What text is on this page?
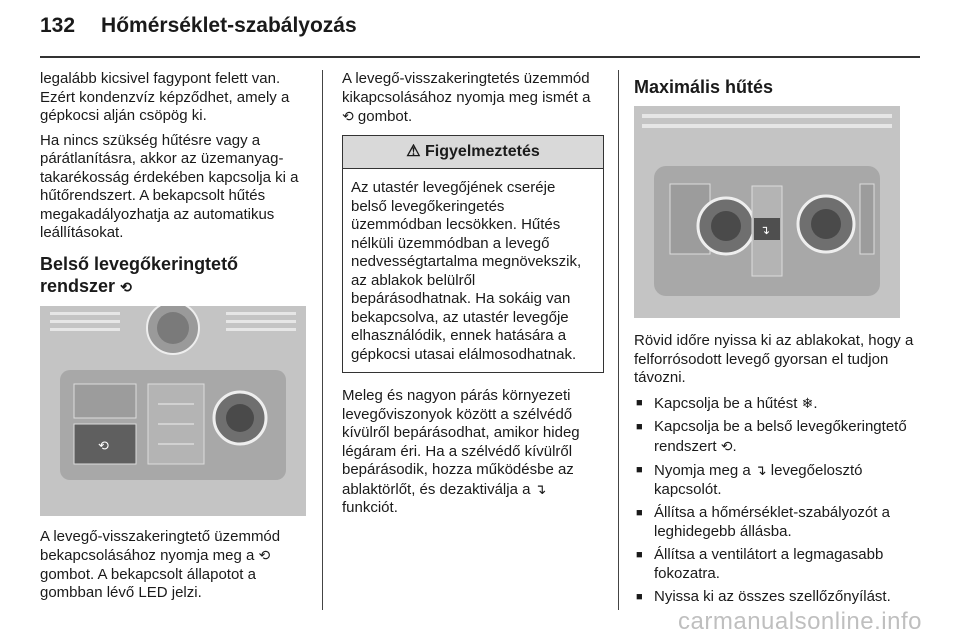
132 Hőmérséklet-szabályozás

legalább kicsivel fagypont felett van. Ezért kondenzvíz képződhet, amely a gépkocsi alján csöpög ki.

Ha nincs szükség hűtésre vagy a párátlanításra, akkor az üzemanyag-takarékosság érdekében kapcsolja ki a hűtőrendszert. A bekapcsolt hűtés megakadályozhatja az automatikus leállításokat.

Belső levegőkeringtető rendszer ⟲
⟲

A levegő-visszakeringtető üzemmód bekapcsolásához nyomja meg a ⟲ gombot. A bekapcsolt állapotot a gombban lévő LED jelzi.

A levegő-visszakeringtetés üzemmód kikapcsolásához nyomja meg ismét a ⟲ gombot.

⚠ Figyelmeztetés
Az utastér levegőjének cseréje belső levegőkeringetés üzemmódban lecsökken. Hűtés nélküli üzemmódban a levegő nedvességtartalma megnövekszik, az ablakok belülről bepárásodhatnak. Ha sokáig van bekapcsolva, az utastér levegője elhasználódik, ennek hatására a gépkocsi utasai elálmosodhatnak.

Meleg és nagyon párás környezeti levegőviszonyok között a szélvédő kívülről bepárásodhat, amikor hideg légáram éri. Ha a szélvédő kívülről bepárásodik, hozza működésbe az ablaktörlőt, és dezaktiválja a ↴ funkciót.

Maximális hűtés
↴

Rövid időre nyissa ki az ablakokat, hogy a felforrósodott levegő gyorsan el tudjon távozni.

■ Kapcsolja be a hűtést ❄.
■ Kapcsolja be a belső levegőkeringtető rendszert ⟲.
■ Nyomja meg a ↴ levegőelosztó kapcsolót.
■ Állítsa a hőmérséklet-szabályozót a leghidegebb állásba.
■ Állítsa a ventilátort a legmagasabb fokozatra.
■ Nyissa ki az összes szellőzőnyílást.
carmanualsonline.info
